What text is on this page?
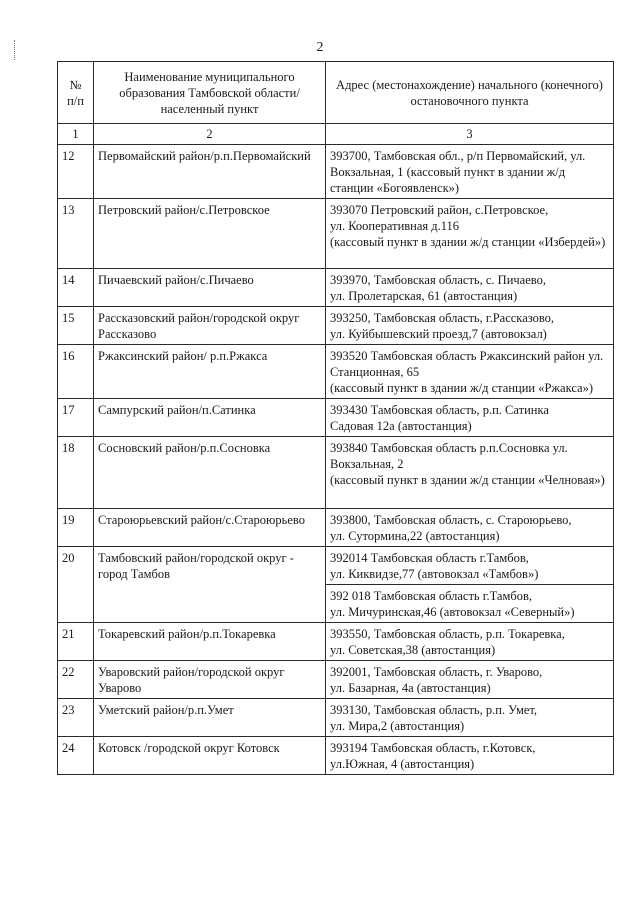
2
№
п/п	Наименование муниципального образования Тамбовской области/населенный пункт	Адрес (местонахождение) начального (конечного) остановочного пункта
1	2	3
12	Первомайский район/р.п.Первомайский	393700, Тамбовская обл., р/п Первомайский, ул. Вокзальная, 1 (кассовый пункт в здании ж/д станции «Богоявленск»)
13	Петровский район/с.Петровское	393070 Петровский район, с.Петровское,
ул. Кооперативная д.116
(кассовый пункт в здании ж/д станции «Избердей»)
14	Пичаевский район/с.Пичаево	393970, Тамбовская область, с. Пичаево,
ул. Пролетарская, 61 (автостанция)
15	Рассказовский район/городской округ Рассказово	393250, Тамбовская область, г.Рассказово,
ул. Куйбышевский проезд,7 (автовокзал)
16	Ржаксинский район/ р.п.Ржакса	393520 Тамбовская область Ржаксинский район ул. Станционная, 65
(кассовый пункт в здании ж/д станции «Ржакса»)
17	Сампурский район/п.Сатинка	393430 Тамбовская область, р.п. Сатинка
Садовая 12а (автостанция)
18	Сосновский район/р.п.Сосновка	393840 Тамбовская область р.п.Сосновка ул. Вокзальная, 2
(кассовый пункт в здании ж/д станции «Челновая»)
19	Староюрьевский район/с.Староюрьево	393800, Тамбовская область, с. Староюрьево,
ул. Сутормина,22 (автостанция)
20	Тамбовский район/городской округ - город Тамбов	392014 Тамбовская область г.Тамбов,
ул. Киквидзе,77 (автовокзал «Тамбов»)
		392 018 Тамбовская область г.Тамбов,
ул. Мичуринская,46 (автовокзал «Северный»)
21	Токаревский район/р.п.Токаревка	393550, Тамбовская область, р.п. Токаревка,
ул. Советская,38 (автостанция)
22	Уваровский район/городской округ Уварово	392001, Тамбовская область, г. Уварово,
ул. Базарная, 4а (автостанция)
23	Уметский район/р.п.Умет	393130, Тамбовская область, р.п. Умет,
ул. Мира,2 (автостанция)
24	Котовск /городской округ Котовск	393194 Тамбовская область, г.Котовск,
ул.Южная, 4 (автостанция)
